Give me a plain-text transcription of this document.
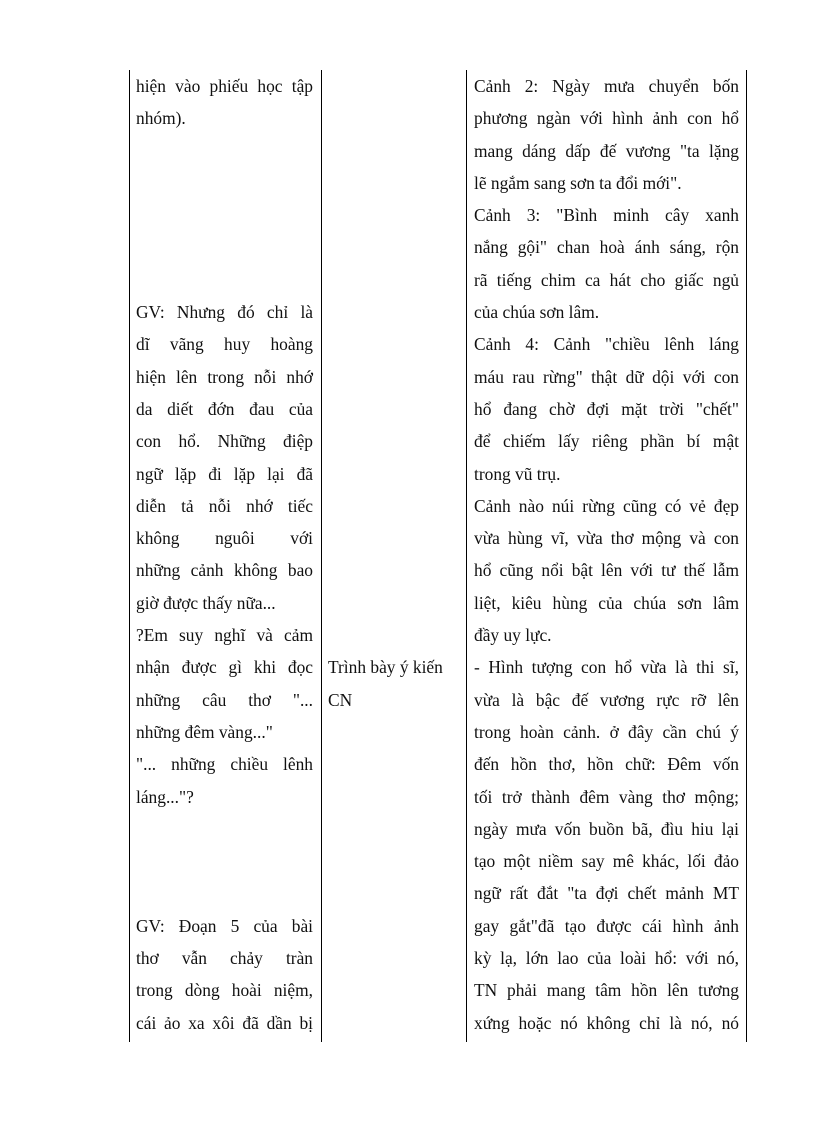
hiện vào phiếu học tập
nhóm).

GV: Nhưng đó chỉ là
dĩ vãng huy hoàng
hiện lên trong nỗi nhớ
da diết đớn đau của
con hổ. Những điệp
ngữ lặp đi lặp lại đã
diễn tả nỗi nhớ tiếc
không nguôi với
những cảnh không bao
giờ được thấy nữa...

?Em suy nghĩ và cảm
nhận được gì khi đọc
những câu thơ "...
những đêm vàng..."

"... những chiều lênh
láng..."?

GV: Đoạn 5 của bài
thơ vẫn chảy tràn
trong dòng hoài niệm,
cái ảo xa xôi đã dần bị

Trình bày ý kiến
CN

Cảnh 2: Ngày mưa chuyển bốn
phương ngàn với hình ảnh con hổ
mang dáng dấp đế vương "ta lặng
lẽ ngắm sang sơn ta đổi mới".

Cảnh 3: "Bình minh cây xanh
nắng gội" chan hoà ánh sáng, rộn
rã tiếng chim ca hát cho giấc ngủ
của chúa sơn lâm.

Cảnh 4: Cảnh "chiều lênh láng
máu rau rừng" thật dữ dội với con
hổ đang chờ đợi mặt trời "chết"
để chiếm lấy riêng phần bí mật
trong vũ trụ.

Cảnh nào núi rừng cũng có vẻ đẹp
vừa hùng vĩ, vừa thơ mộng và con
hổ cũng nổi bật lên với tư thế lẫm
liệt, kiêu hùng của chúa sơn lâm
đầy uy lực.

- Hình tượng con hổ vừa là thi sĩ,
vừa là bậc đế vương rực rỡ lên
trong hoàn cảnh. ở đây cần chú ý
đến hồn thơ, hồn chữ: Đêm vốn
tối trở thành đêm vàng thơ mộng;
ngày mưa vốn buồn bã, đìu hiu lại
tạo một niềm say mê khác, lối đảo
ngữ rất đắt "ta đợi chết mảnh MT
gay gắt"đã tạo được cái hình ảnh
kỳ lạ, lớn lao của loài hổ: với nó,
TN phải mang tâm hồn lên tương
xứng hoặc nó không chỉ là nó, nó
